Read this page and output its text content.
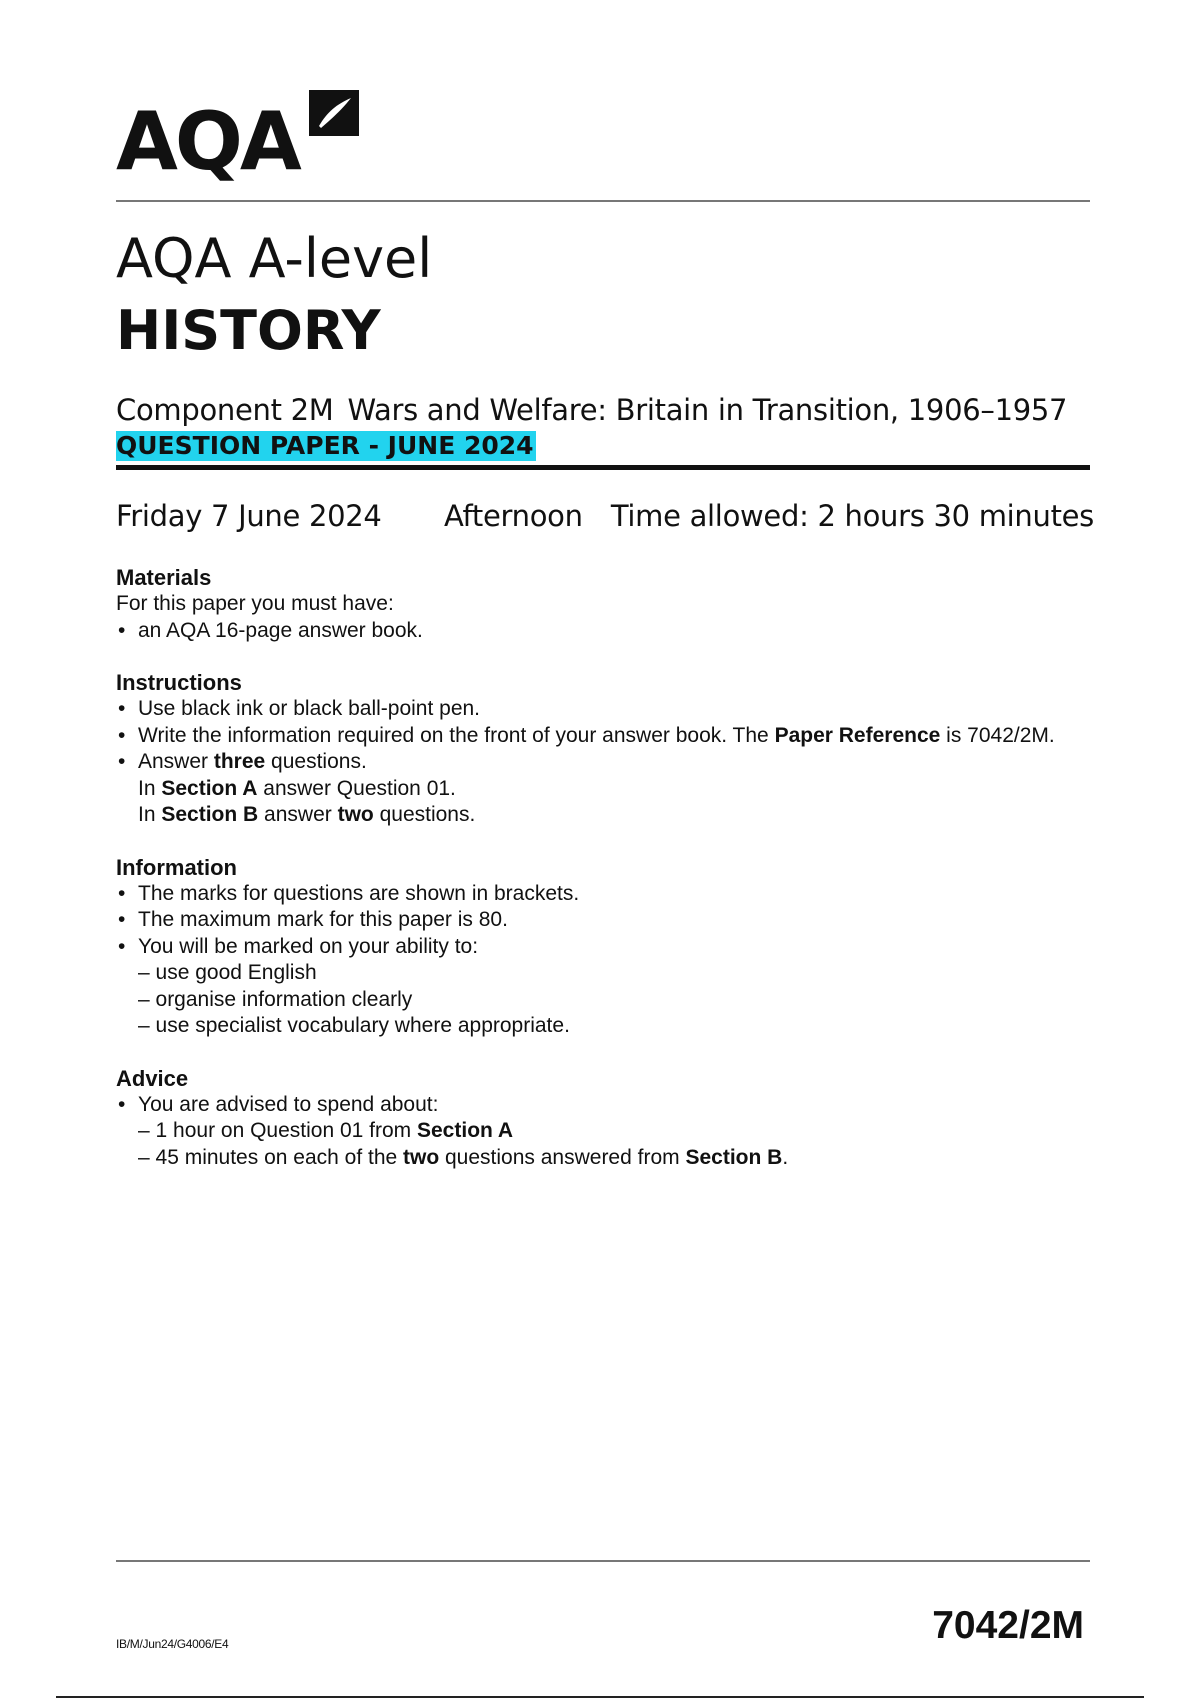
AQA
AQA A-level
HISTORY
Component 2M Wars and Welfare: Britain in Transition, 1906–1957
QUESTION PAPER - JUNE 2024
Friday 7 June 2024 Afternoon Time allowed: 2 hours 30 minutes
Materials

For this paper you must have:

• an AQA 16-page answer book.
Instructions
• Use black ink or black ball-point pen.
• Write the information required on the front of your answer book. The Paper Reference is 7042/2M.
• Answer three questions.
In Section A answer Question 01.
In Section B answer two questions.
Information
• The marks for questions are shown in brackets.
• The maximum mark for this paper is 80.
• You will be marked on your ability to:
– use good English
– organise information clearly
– use specialist vocabulary where appropriate.
Advice
• You are advised to spend about:
– 1 hour on Question 01 from Section A
– 45 minutes on each of the two questions answered from Section B.
IB/M/Jun24/G4006/E4	7042/2M
